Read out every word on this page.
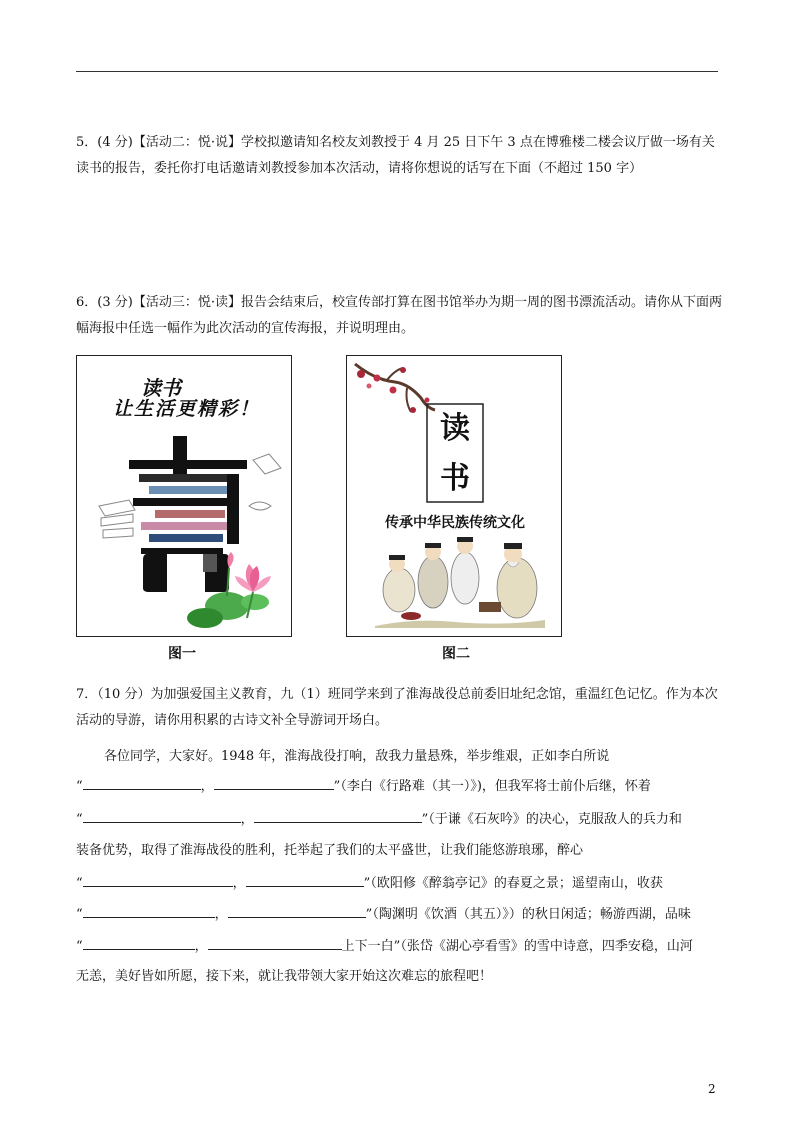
5．(4 分)【活动二：悦·说】学校拟邀请知名校友刘教授于 4 月 25 日下午 3 点在博雅楼二楼会议厅做一场有关读书的报告，委托你打电话邀请刘教授参加本次活动，请将你想说的话写在下面（不超过 150 字）

6．(3 分)【活动三：悦·读】报告会结束后，校宣传部打算在图书馆举办为期一周的图书漂流活动。请你从下面两幅海报中任选一幅作为此次活动的宣传海报，并说明理由。

读书
让生活更精彩！
图一
读
书
传承中华民族传统文化
图二

7．（10 分）为加强爱国主义教育，九（1）班同学来到了淮海战役总前委旧址纪念馆，重温红色记忆。作为本次活动的导游，请你用积累的古诗文补全导游词开场白。

各位同学，大家好。1948 年，淮海战役打响，敌我力量悬殊，举步维艰，正如李白所说

“	，	”（李白《行路难（其一）》)，但我军将士前仆后继，怀着
“	，	”（于谦《石灰吟》的决心，克服敌人的兵力和

装备优势，取得了淮海战役的胜利，托举起了我们的太平盛世，让我们能悠游琅琊，醉心

“	，	”（欧阳修《醉翁亭记》的春夏之景；遥望南山，收获
“	，	”（陶渊明《饮酒（其五）》）的秋日闲适；畅游西湖，品味
“	，	上下一白”（张岱《湖心亭看雪》的雪中诗意，四季安稳，山河

无恙，美好皆如所愿，接下来，就让我带领大家开始这次难忘的旅程吧！

2
